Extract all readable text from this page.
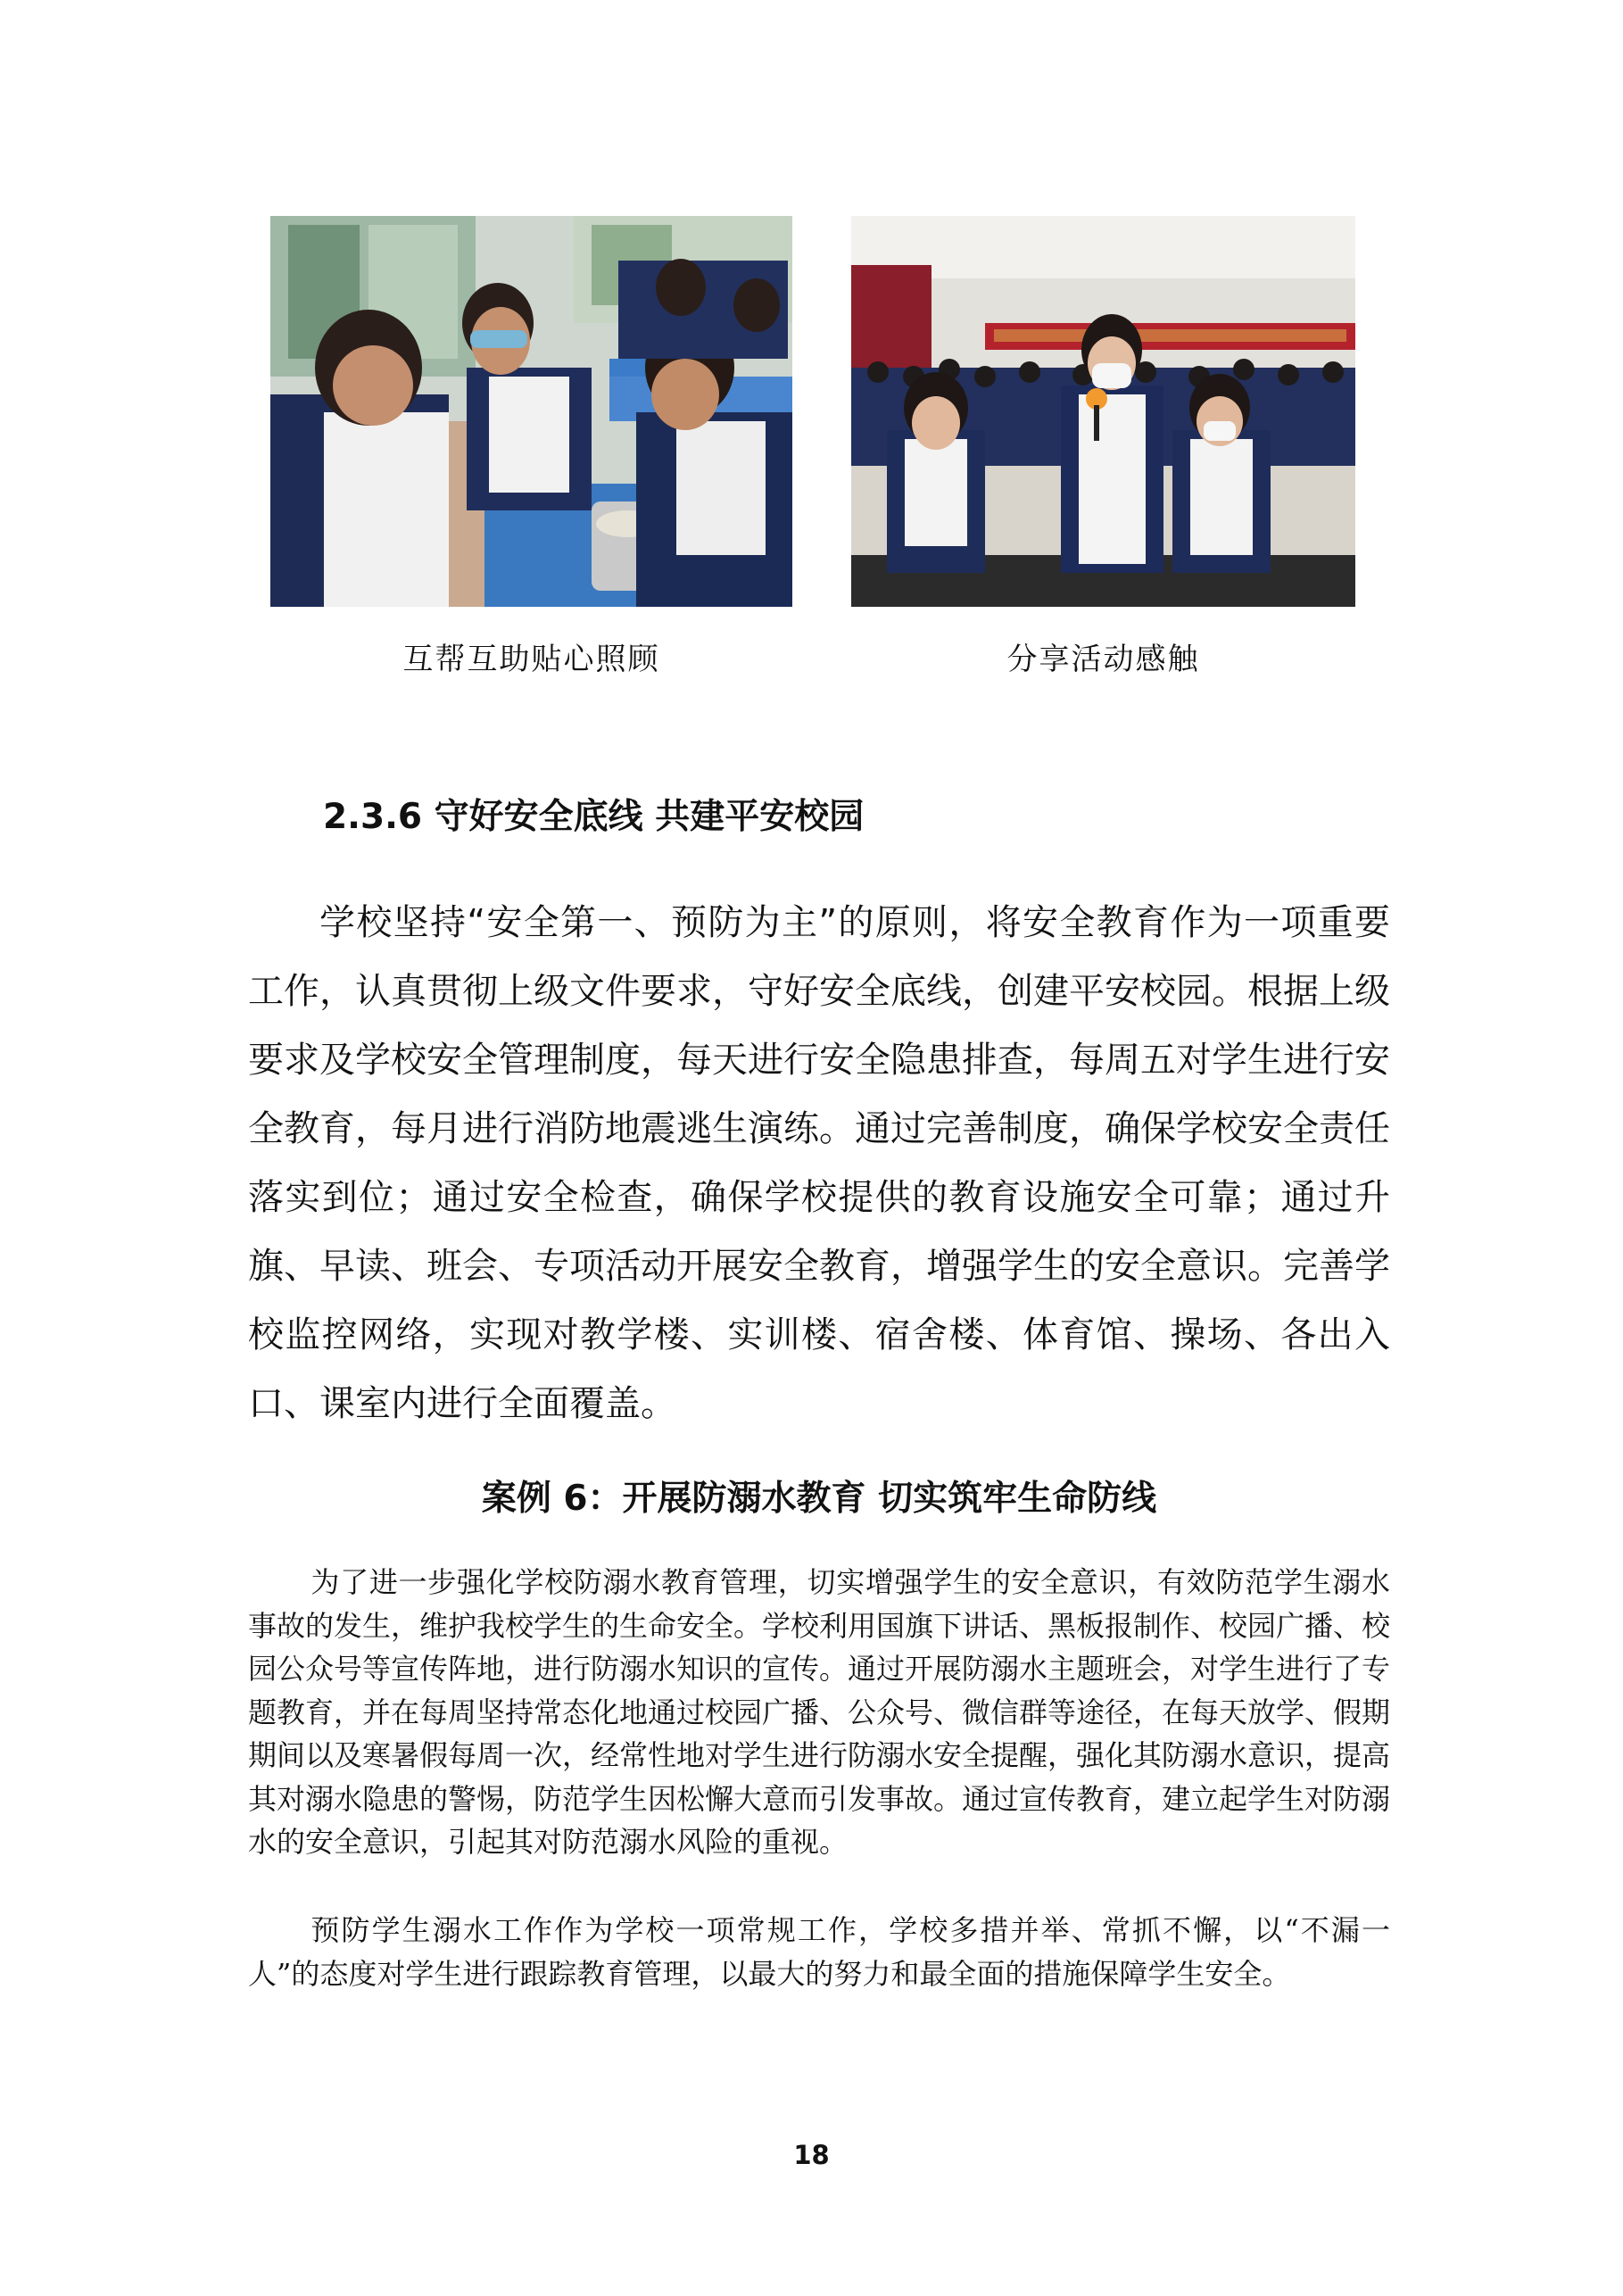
互帮互助贴心照顾	分享活动感触
2.3.6 守好安全底线 共建平安校园

学校坚持“安全第一、预防为主”的原则，将安全教育作为一项重要工作，认真贯彻上级文件要求，守好安全底线，创建平安校园。根据上级要求及学校安全管理制度，每天进行安全隐患排查，每周五对学生进行安全教育，每月进行消防地震逃生演练。通过完善制度，确保学校安全责任落实到位；通过安全检查，确保学校提供的教育设施安全可靠；通过升旗、早读、班会、专项活动开展安全教育，增强学生的安全意识。完善学校监控网络，实现对教学楼、实训楼、宿舍楼、体育馆、操场、各出入口、课室内进行全面覆盖。

案例 6：开展防溺水教育 切实筑牢生命防线

为了进一步强化学校防溺水教育管理，切实增强学生的安全意识，有效防范学生溺水事故的发生，维护我校学生的生命安全。学校利用国旗下讲话、黑板报制作、校园广播、校园公众号等宣传阵地，进行防溺水知识的宣传。通过开展防溺水主题班会，对学生进行了专题教育，并在每周坚持常态化地通过校园广播、公众号、微信群等途径，在每天放学、假期期间以及寒暑假每周一次，经常性地对学生进行防溺水安全提醒，强化其防溺水意识，提高其对溺水隐患的警惕，防范学生因松懈大意而引发事故。通过宣传教育，建立起学生对防溺水的安全意识，引起其对防范溺水风险的重视。

预防学生溺水工作作为学校一项常规工作，学校多措并举、常抓不懈，以“不漏一人”的态度对学生进行跟踪教育管理，以最大的努力和最全面的措施保障学生安全。

18
